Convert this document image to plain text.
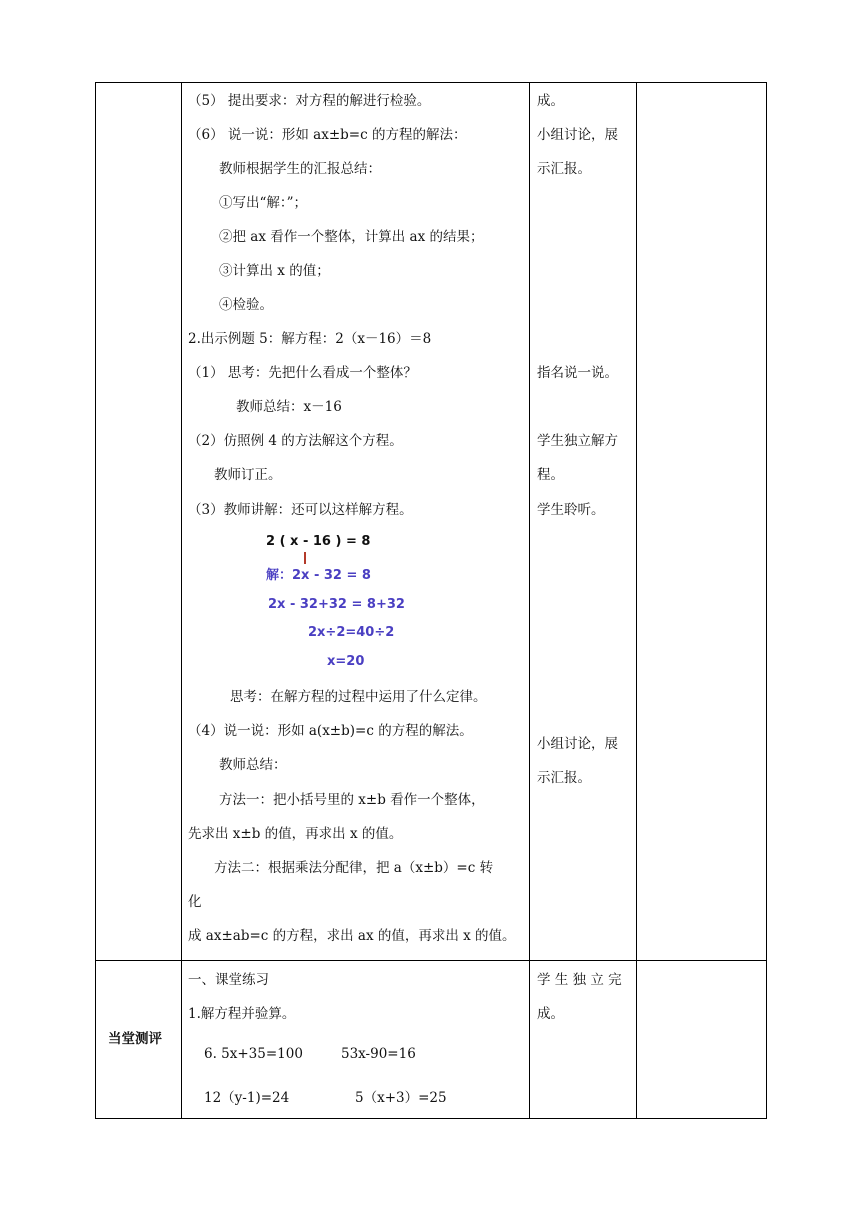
（5） 提出要求：对方程的解进行检验。
（6） 说一说：形如 ax±b=c 的方程的解法：
教师根据学生的汇报总结：
①写出“解：”；
②把 ax 看作一个整体，计算出 ax 的结果；
③计算出 x 的值；
④检验。
2.出示例题 5：解方程：2（x－16）＝8
（1） 思考：先把什么看成一个整体？
教师总结：x－16
（2）仿照例 4 的方法解这个方程。
教师订正。
（3）教师讲解：还可以这样解方程。
2 ( x - 16 ) = 8
解：2x - 32 = 8
2x - 32+32 = 8+32
2x÷2=40÷2
x=20
思考：在解方程的过程中运用了什么定律。
（4）说一说：形如 a(x±b)=c 的方程的解法。
教师总结：
方法一：把小括号里的 x±b 看作一个整体，
先求出 x±b 的值，再求出 x 的值。
方法二：根据乘法分配律，把 a（x±b）=c 转
化
成 ax±ab=c 的方程，求出 ax 的值，再求出 x 的值。
成。
小组讨论，展
示汇报。
指名说一说。
学生独立解方
程。
学生聆听。
小组讨论，展
示汇报。
当堂测评
一、课堂练习
1.解方程并验算。
6. 5x+35=100	53x-90=16
12（y-1)=24	5（x+3）=25
学 生 独 立 完
成。
